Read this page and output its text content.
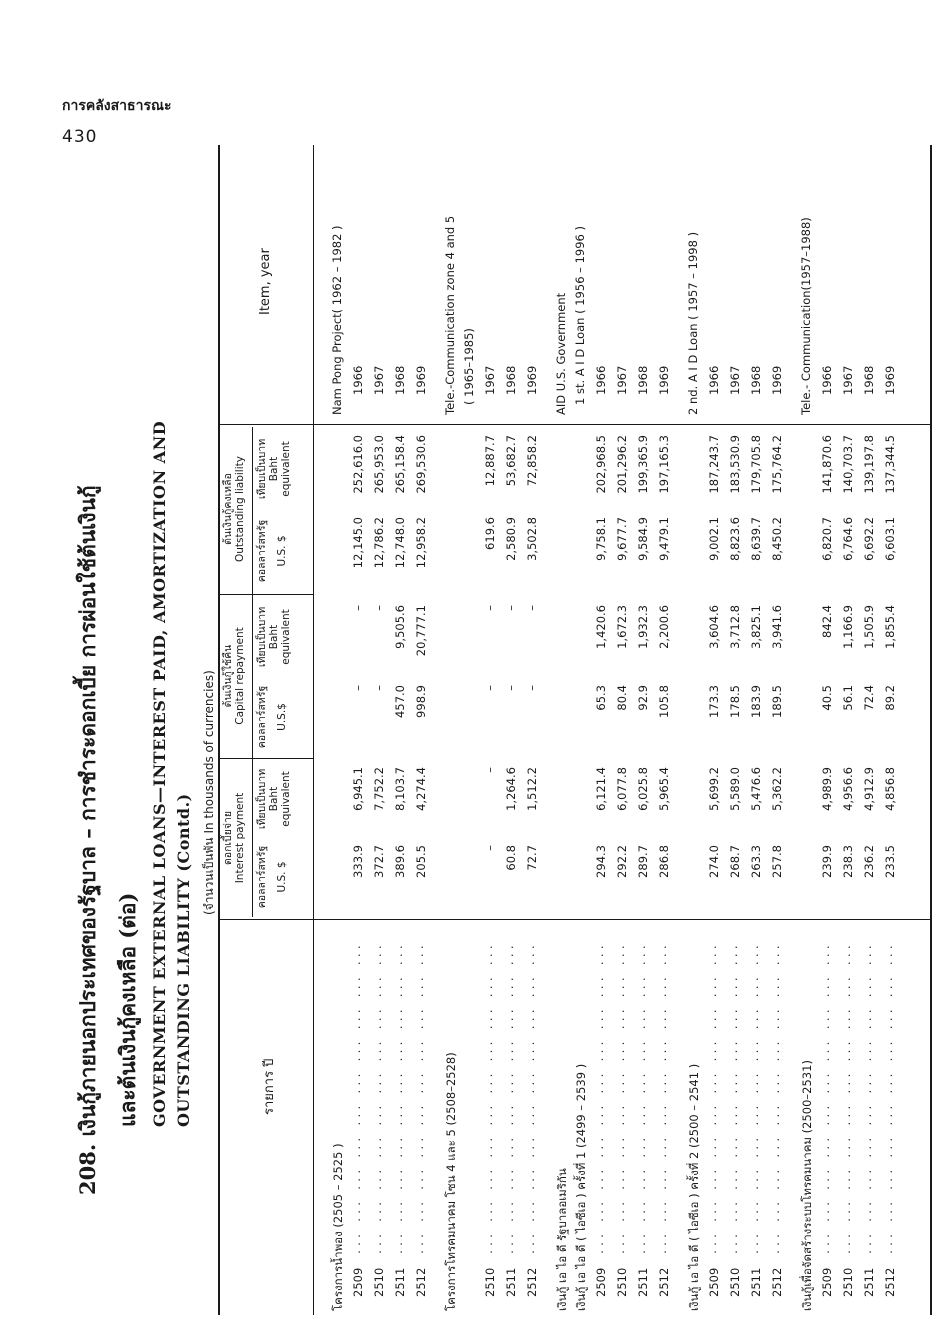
การคลังสาธารณะ
430
208. เงินกู้ภายนอกประเทศของรัฐบาล – การชำระดอกเบี้ย การผ่อนใช้ต้นเงินกู้ และต้นเงินกู้คงเหลือ (ต่อ) GOVERNMENT EXTERNAL LOANS—INTEREST PAID, AMORTIZATION AND OUTSTANDING LIABILITY (Contd.)
(จำนวนเป็นพัน In thousands of currencies)
รายการ ปี
Item, year
ดอกเบี้ยจ่าย Interest payment
ต้นเงินกู้ใช้คืน Capital repayment
ต้นเงินกู้คงเหลือ Outstanding liability
คอลลาร์สหรัฐ U.S. $
เทียบเป็นบาท Baht equivalent
คอลลาร์สหรัฐ U.S.$
เทียบเป็นบาท Baht equivalent
คอลลาร์สหรัฐ U.S. $
เทียบเป็นบาท Baht equivalent
โครงการน้ำพอง (2505 – 2525 )
Nam Pong Project( 1962 – 1982 )
2509
... ... ... ... ... ... ... ... ... ...
333.9
6,945.1
–
–
12,145.0
252,616.0
1966
2510
... ... ... ... ... ... ... ... ... ...
372.7
7,752.2
–
–
12,786.2
265,953.0
1967
2511
... ... ... ... ... ... ... ... ... ...
389.6
8,103.7
457.0
9,505.6
12,748.0
265,158.4
1968
2512
... ... ... ... ... ... ... ... ... ...
205.5
4,274.4
998.9
20,777.1
12,958.2
269,530.6
1969
โครงการโทรคมนาคม โซน 4 และ 5 (2508–2528)
Tele.-Communication zone 4 and 5 ( 1965–1985)
2510
... ... ... ... ... ... ... ... ... ...
–
–
–
–
619.6
12,887.7
1967
2511
... ... ... ... ... ... ... ... ... ...
60.8
1,264.6
–
–
2,580.9
53,682.7
1968
2512
... ... ... ... ... ... ... ... ... ...
72.7
1,512.2
–
–
3,502.8
72,858.2
1969
เงินกู้ เอ ไอ ดี รัฐบาลอเมริกัน
AID U.S. Government
เงินกู้ เอ ไอ ดี ( ไอซีเอ ) ครั้งที่ 1 (2499 – 2539 )
1 st. A I D Loan ( 1956 – 1996 )
2509
... ... ... ... ... ... ... ... ... ...
294.3
6,121.4
65.3
1,420.6
9,758.1
202,968.5
1966
2510
... ... ... ... ... ... ... ... ... ...
292.2
6,077.8
80.4
1,672.3
9,677.7
201,296.2
1967
2511
... ... ... ... ... ... ... ... ... ...
289.7
6,025.8
92.9
1,932.3
9,584.9
199,365.9
1968
2512
... ... ... ... ... ... ... ... ... ...
286.8
5,965.4
105.8
2,200.6
9,479.1
197,165.3
1969
เงินกู้ เอ ไอ ดี ( ไอซีเอ ) ครั้งที่ 2 (2500 – 2541 )
2 nd. A I D Loan ( 1957 – 1998 )
2509
... ... ... ... ... ... ... ... ... ...
274.0
5,699.2
173.3
3,604.6
9,002.1
187,243.7
1966
2510
... ... ... ... ... ... ... ... ... ...
268.7
5,589.0
178.5
3,712.8
8,823.6
183,530.9
1967
2511
... ... ... ... ... ... ... ... ... ...
263.3
5,476.6
183.9
3,825.1
8,639.7
179,705.8
1968
2512
... ... ... ... ... ... ... ... ... ...
257.8
5,362.2
189.5
3,941.6
8,450.2
175,764.2
1969
เงินกู้เพื่อจัดสร้างระบบโทรคมนาคม (2500–2531)
Tele.- Communication(1957–1988)
2509
... ... ... ... ... ... ... ... ... ...
239.9
4,989.9
40.5
842.4
6,820.7
141,870.6
1966
2510
... ... ... ... ... ... ... ... ... ...
238.3
4,956.6
56.1
1,166.9
6,764.6
140,703.7
1967
2511
... ... ... ... ... ... ... ... ... ...
236.2
4,912.9
72.4
1,505.9
6,692.2
139,197.8
1968
2512
... ... ... ... ... ... ... ... ... ...
233.5
4,856.8
89.2
1,855.4
6,603.1
137,344.5
1969
